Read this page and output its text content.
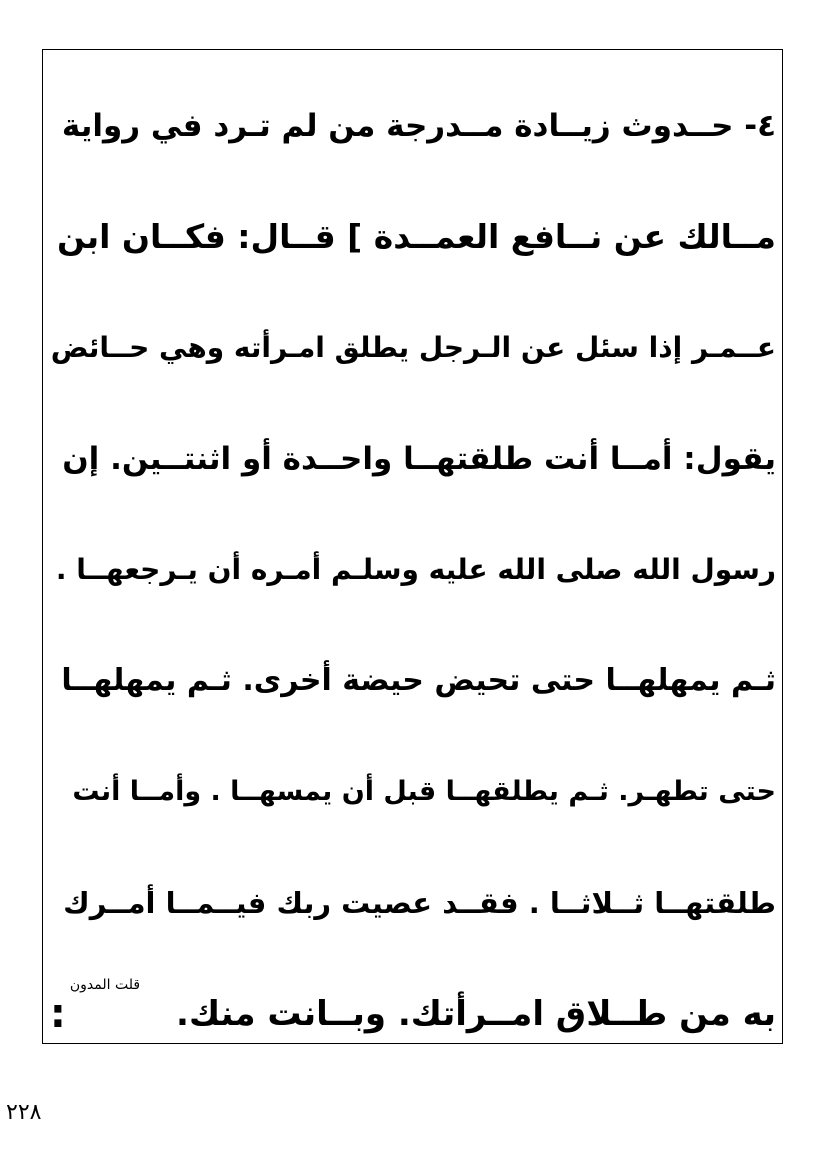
٤- حــدوث زيــادة مــدرجة من لم تـرد في رواية
مــالك عن نــافع العمــدة ] قــال: فكــان ابن
عــمـر إذا سئل عن الـرجل يطلق امـرأته وهي حــائض
يقول: أمــا أنت طلقتهــا واحــدة أو اثنتــين. إن
رسول الله صلى الله عليه وسلـم أمـره أن يـرجعهــا .
ثـم يمهلهــا حتى تحيض حيضة أخرى. ثـم يمهلهــا
حتى تطهـر. ثـم يطلقهــا قبل أن يمسهــا . وأمــا أنت
طلقتهــا ثــلاثــا . فقــد عصيت ربك فيــمــا أمــرك
به من طــلاق امــرأتك. وبــانت منك.
قلت المدون
:
٢٢٨
